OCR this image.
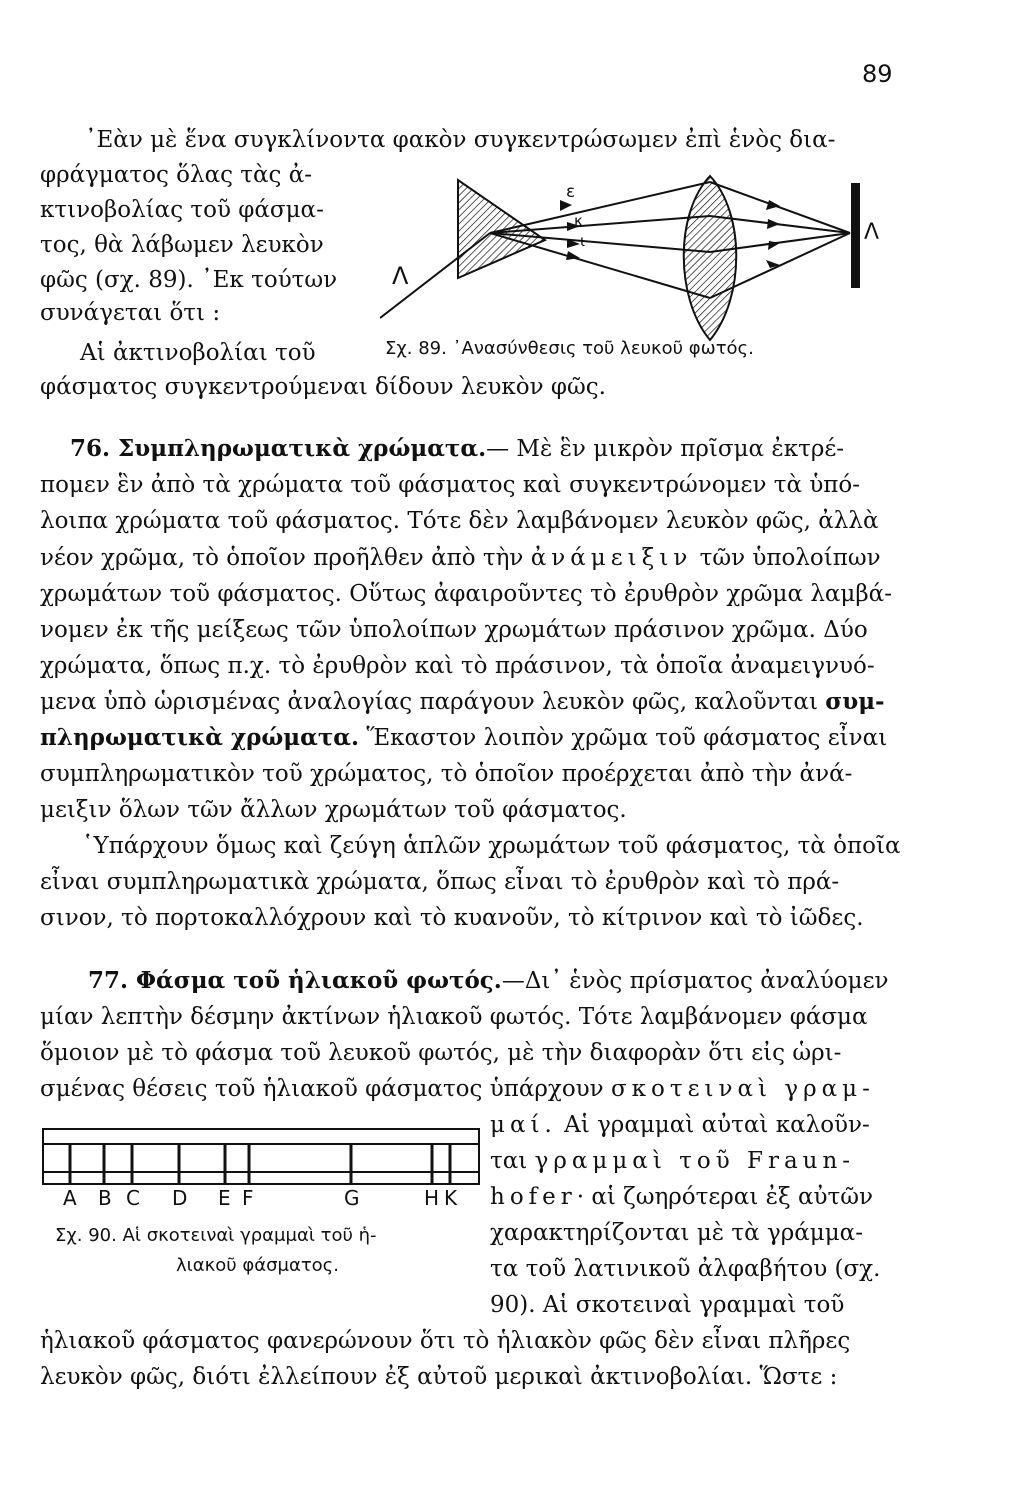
89
᾿Εὰν μὲ ἕνα συγκλίνοντα φακὸν συγκεντρώσωμεν ἐπὶ ἑνὸς δια-
φράγματος ὅλας τὰς ἀ-
κτινοβολίας τοῦ φάσμα-
τος, θὰ λάβωμεν λευκὸν
φῶς (σχ. 89). ᾿Εκ τούτων
συνάγεται ὅτι :
Αἱ ἀκτινοβολίαι τοῦ
φάσματος συγκεντρούμεναι δίδουν λευκὸν φῶς.
Λ
Λ
ε
κ
ι
Σχ. 89. ᾿Ανασύνθεσις τοῦ λευκοῦ φωτός.
76. Συμπληρωματικὰ χρώματα.— Μὲ ἓν μικρὸν πρῖσμα ἐκτρέ-
πομεν ἓν ἀπὸ τὰ χρώματα τοῦ φάσματος καὶ συγκεντρώνομεν τὰ ὑπό-
λοιπα χρώματα τοῦ φάσματος. Τότε δὲν λαμβάνομεν λευκὸν φῶς, ἀλλὰ
νέον χρῶμα, τὸ ὁποῖον προῆλθεν ἀπὸ τὴν ἀνάμειξιν τῶν ὑπολοίπων
χρωμάτων τοῦ φάσματος. Οὕτως ἀφαιροῦντες τὸ ἐρυθρὸν χρῶμα λαμβά-
νομεν ἐκ τῆς μείξεως τῶν ὑπολοίπων χρωμάτων πράσινον χρῶμα. Δύο
χρώματα, ὅπως π.χ. τὸ ἐρυθρὸν καὶ τὸ πράσινον, τὰ ὁποῖα ἀναμειγνυό-
μενα ὑπὸ ὡρισμένας ἀναλογίας παράγουν λευκὸν φῶς, καλοῦνται συμ-
πληρωματικὰ χρώματα. Ἕκαστον λοιπὸν χρῶμα τοῦ φάσματος εἶναι
συμπληρωματικὸν τοῦ χρώματος, τὸ ὁποῖον προέρχεται ἀπὸ τὴν ἀνά-
μειξιν ὅλων τῶν ἄλλων χρωμάτων τοῦ φάσματος.
῾Υπάρχουν ὅμως καὶ ζεύγη ἁπλῶν χρωμάτων τοῦ φάσματος, τὰ ὁποῖα
εἶναι συμπληρωματικὰ χρώματα, ὅπως εἶναι τὸ ἐρυθρὸν καὶ τὸ πρά-
σινον, τὸ πορτοκαλλόχρουν καὶ τὸ κυανοῦν, τὸ κίτρινον καὶ τὸ ἰῶδες.
77. Φάσμα τοῦ ἡλιακοῦ φωτός.—Δι᾿ ἑνὸς πρίσματος ἀναλύομεν
μίαν λεπτὴν δέσμην ἀκτίνων ἡλιακοῦ φωτός. Τότε λαμβάνομεν φάσμα
ὅμοιον μὲ τὸ φάσμα τοῦ λευκοῦ φωτός, μὲ τὴν διαφορὰν ὅτι εἰς ὡρι-
σμένας θέσεις τοῦ ἡλιακοῦ φάσματος ὑπάρχουν σκοτειναὶ γραμ-
μαί. Αἱ γραμμαὶ αὐταὶ καλοῦν-
ται γραμμαὶ τοῦ Fraun-
hofer· αἱ ζωηρότεραι ἐξ αὐτῶν
χαρακτηρίζονται μὲ τὰ γράμμα-
τα τοῦ λατινικοῦ ἀλφαβήτου (σχ.
90). Αἱ σκοτειναὶ γραμμαὶ τοῦ
ἡλιακοῦ φάσματος φανερώνουν ὅτι τὸ ἡλιακὸν φῶς δὲν εἶναι πλῆρες
λευκὸν φῶς, διότι ἐλλείπουν ἐξ αὐτοῦ μερικαὶ ἀκτινοβολίαι. Ὥστε :
A B C D E F	G	H K
Σχ. 90. Αἱ σκοτειναὶ γραμμαὶ τοῦ ἡ-
λιακοῦ φάσματος.
